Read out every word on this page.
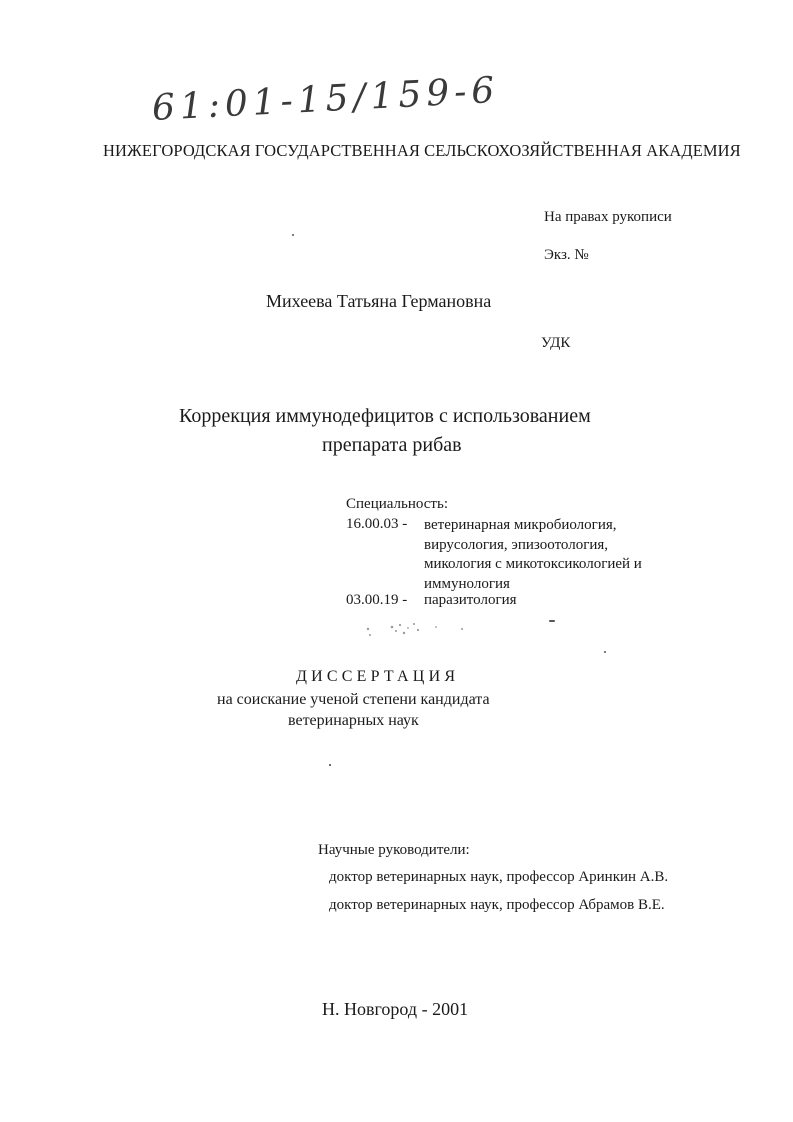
61:01-15/159-6
НИЖЕГОРОДСКАЯ ГОСУДАРСТВЕННАЯ СЕЛЬСКОХОЗЯЙСТВЕННАЯ АКАДЕМИЯ
На правах рукописи
Экз. №
Михеева Татьяна Германовна
УДК
Коррекция иммунодефицитов с использованием
препарата рибав
Специальность:
16.00.03 - ветеринарная микробиология,
вирусология, эпизоотология,
микология с микотоксикологией и
иммунология
03.00.19 - паразитология
ДИССЕРТАЦИЯ
на соискание ученой степени кандидата
ветеринарных наук
Научные руководители:
доктор ветеринарных наук, профессор Аринкин А.В.
доктор ветеринарных наук, профессор Абрамов В.Е.
Н. Новгород - 2001
